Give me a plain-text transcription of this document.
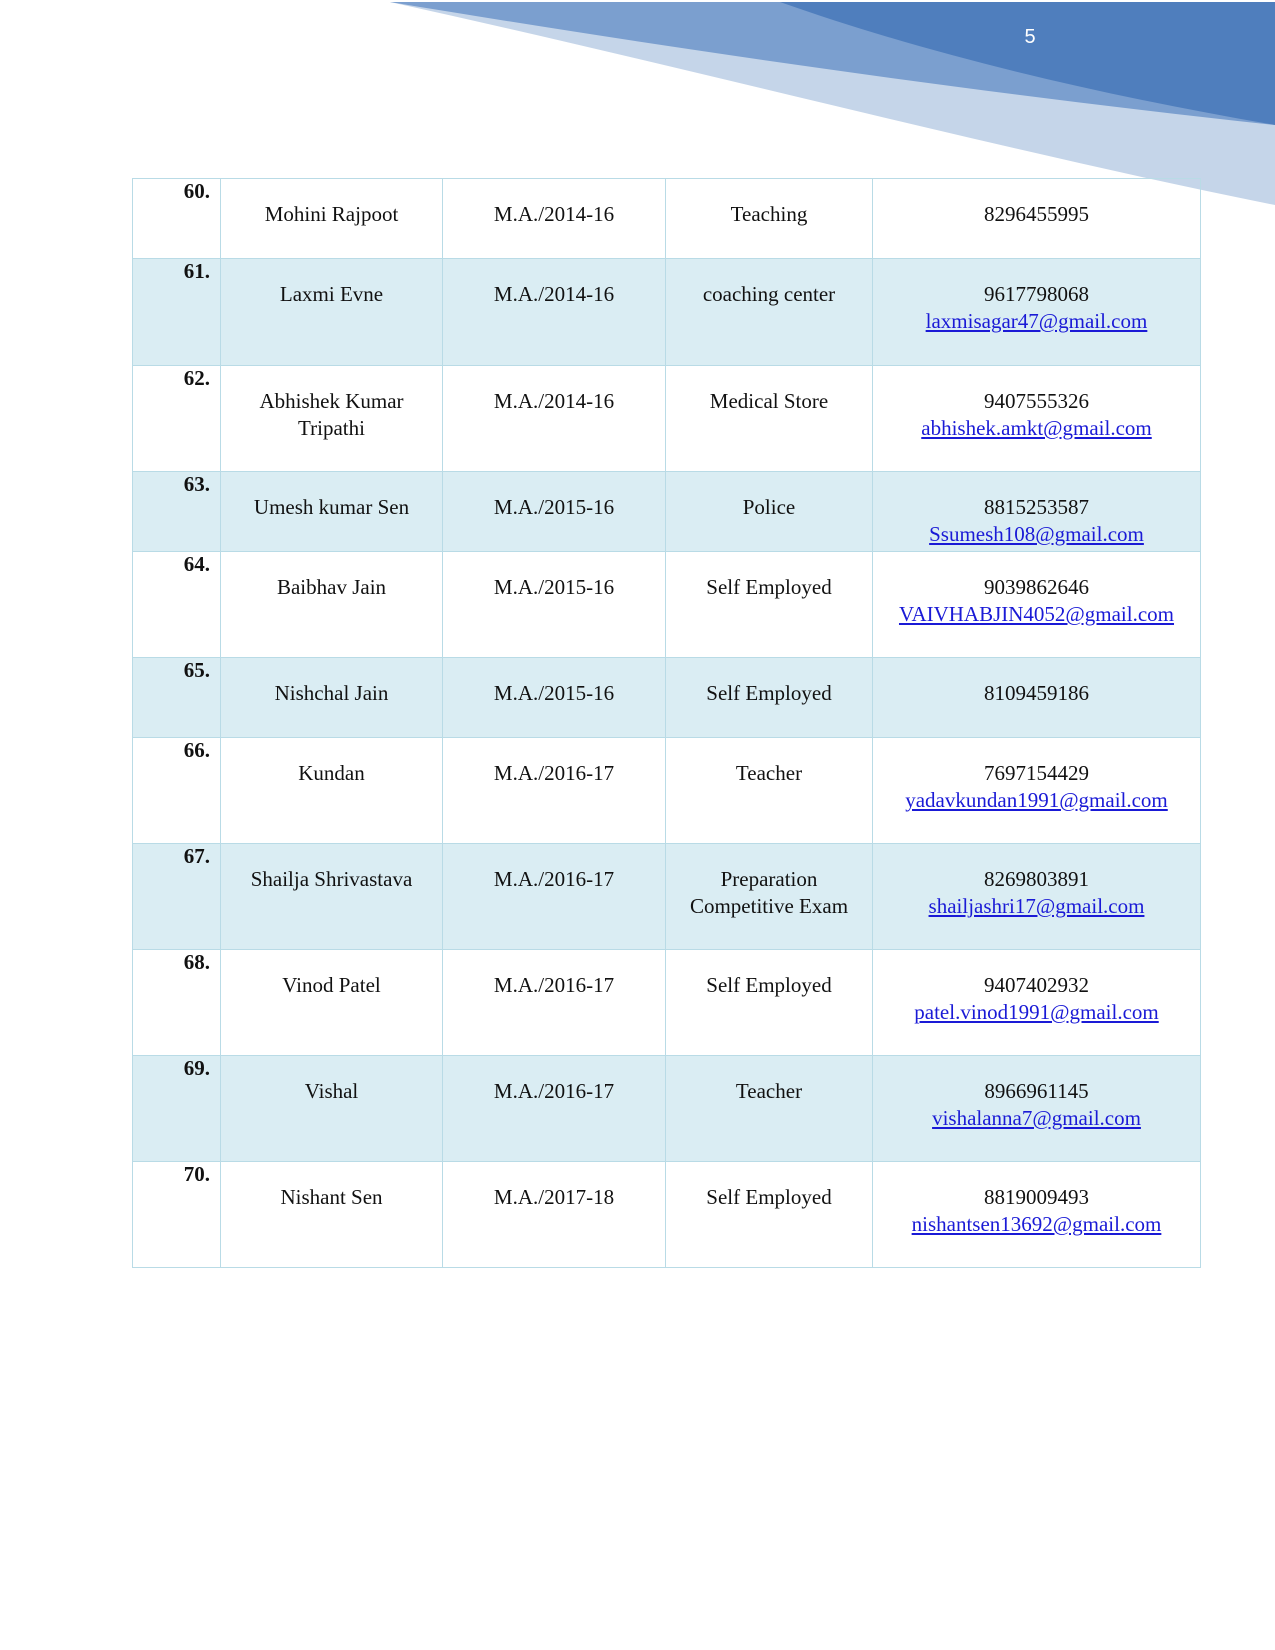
5
60.	Mohini Rajpoot	M.A./2014-16	Teaching	8296455995

61.	Laxmi Evne	M.A./2014-16	coaching center	9617798068
laxmisagar47@gmail.com

62.	Abhishek Kumar Tripathi	M.A./2014-16	Medical Store	9407555326
abhishek.amkt@gmail.com

63.	Umesh kumar Sen	M.A./2015-16	Police	8815253587
Ssumesh108@gmail.com

64.	Baibhav Jain	M.A./2015-16	Self Employed	9039862646
VAIVHABJIN4052@gmail.com

65.	Nishchal Jain	M.A./2015-16	Self Employed	8109459186

66.	Kundan	M.A./2016-17	Teacher	7697154429
yadavkundan1991@gmail.com

67.	Shailja Shrivastava	M.A./2016-17	Preparation Competitive Exam	8269803891
shailjashri17@gmail.com

68.	Vinod Patel	M.A./2016-17	Self Employed	9407402932
patel.vinod1991@gmail.com

69.	Vishal	M.A./2016-17	Teacher	8966961145
vishalanna7@gmail.com

70.	Nishant Sen	M.A./2017-18	Self Employed	8819009493
nishantsen13692@gmail.com
